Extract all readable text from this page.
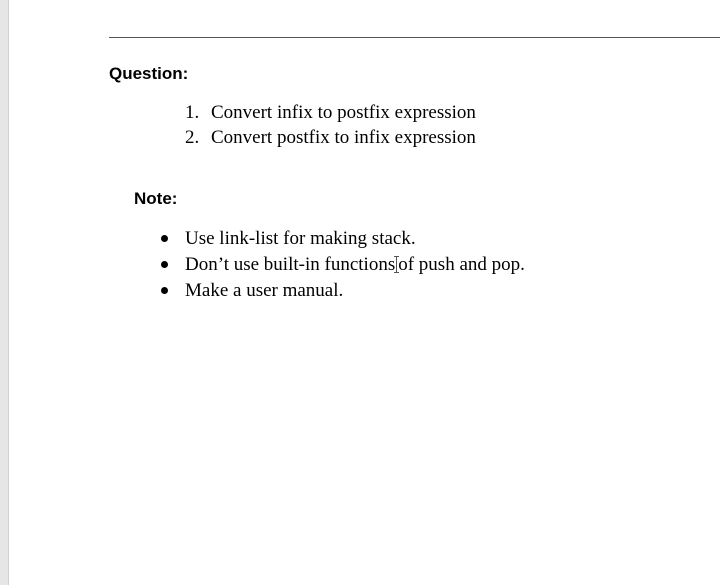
Question:
1. Convert infix to postfix expression
2. Convert postfix to infix expression
Note:
Use link-list for making stack.
Don’t use built-in functions of push and pop.
Make a user manual.
